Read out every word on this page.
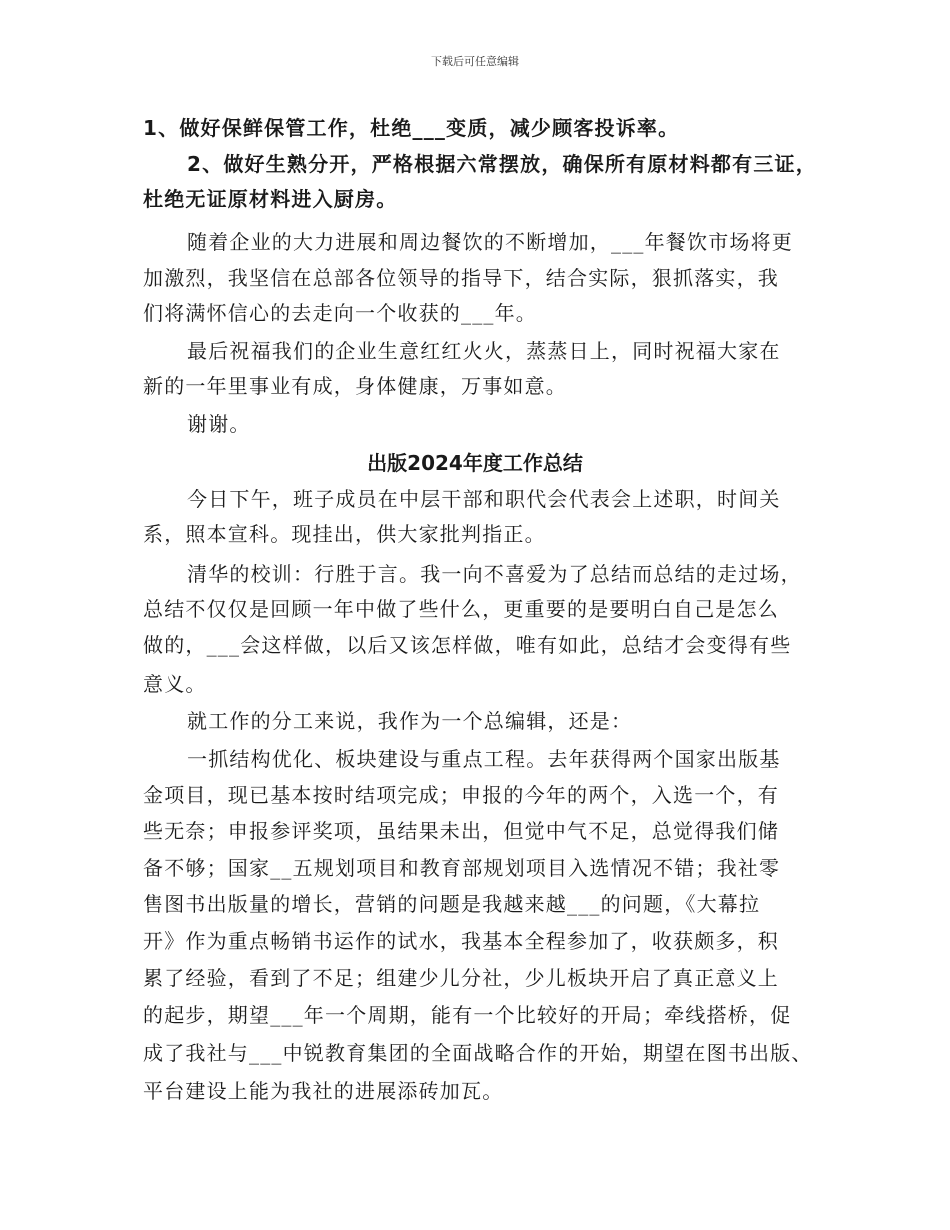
下载后可任意编辑
1、做好保鲜保管工作，杜绝___变质，减少顾客投诉率。
2、做好生熟分开，严格根据六常摆放，确保所有原材料都有三证，
杜绝无证原材料进入厨房。
随着企业的大力进展和周边餐饮的不断增加，___年餐饮市场将更
加激烈，我坚信在总部各位领导的指导下，结合实际，狠抓落实，我
们将满怀信心的去走向一个收获的___年。
最后祝福我们的企业生意红红火火，蒸蒸日上，同时祝福大家在
新的一年里事业有成，身体健康，万事如意。
谢谢。
出版2024年度工作总结
今日下午，班子成员在中层干部和职代会代表会上述职，时间关
系，照本宣科。现挂出，供大家批判指正。
清华的校训：行胜于言。我一向不喜爱为了总结而总结的走过场，
总结不仅仅是回顾一年中做了些什么，更重要的是要明白自己是怎么
做的，___会这样做，以后又该怎样做，唯有如此，总结才会变得有些
意义。
就工作的分工来说，我作为一个总编辑，还是：
一抓结构优化、板块建设与重点工程。去年获得两个国家出版基
金项目，现已基本按时结项完成；申报的今年的两个，入选一个，有
些无奈；申报参评奖项，虽结果未出，但觉中气不足，总觉得我们储
备不够；国家__五规划项目和教育部规划项目入选情况不错；我社零
售图书出版量的增长，营销的问题是我越来越___的问题，《大幕拉
开》作为重点畅销书运作的试水，我基本全程参加了，收获颇多，积
累了经验，看到了不足；组建少儿分社，少儿板块开启了真正意义上
的起步，期望___年一个周期，能有一个比较好的开局；牵线搭桥，促
成了我社与___中锐教育集团的全面战略合作的开始，期望在图书出版、
平台建设上能为我社的进展添砖加瓦。
